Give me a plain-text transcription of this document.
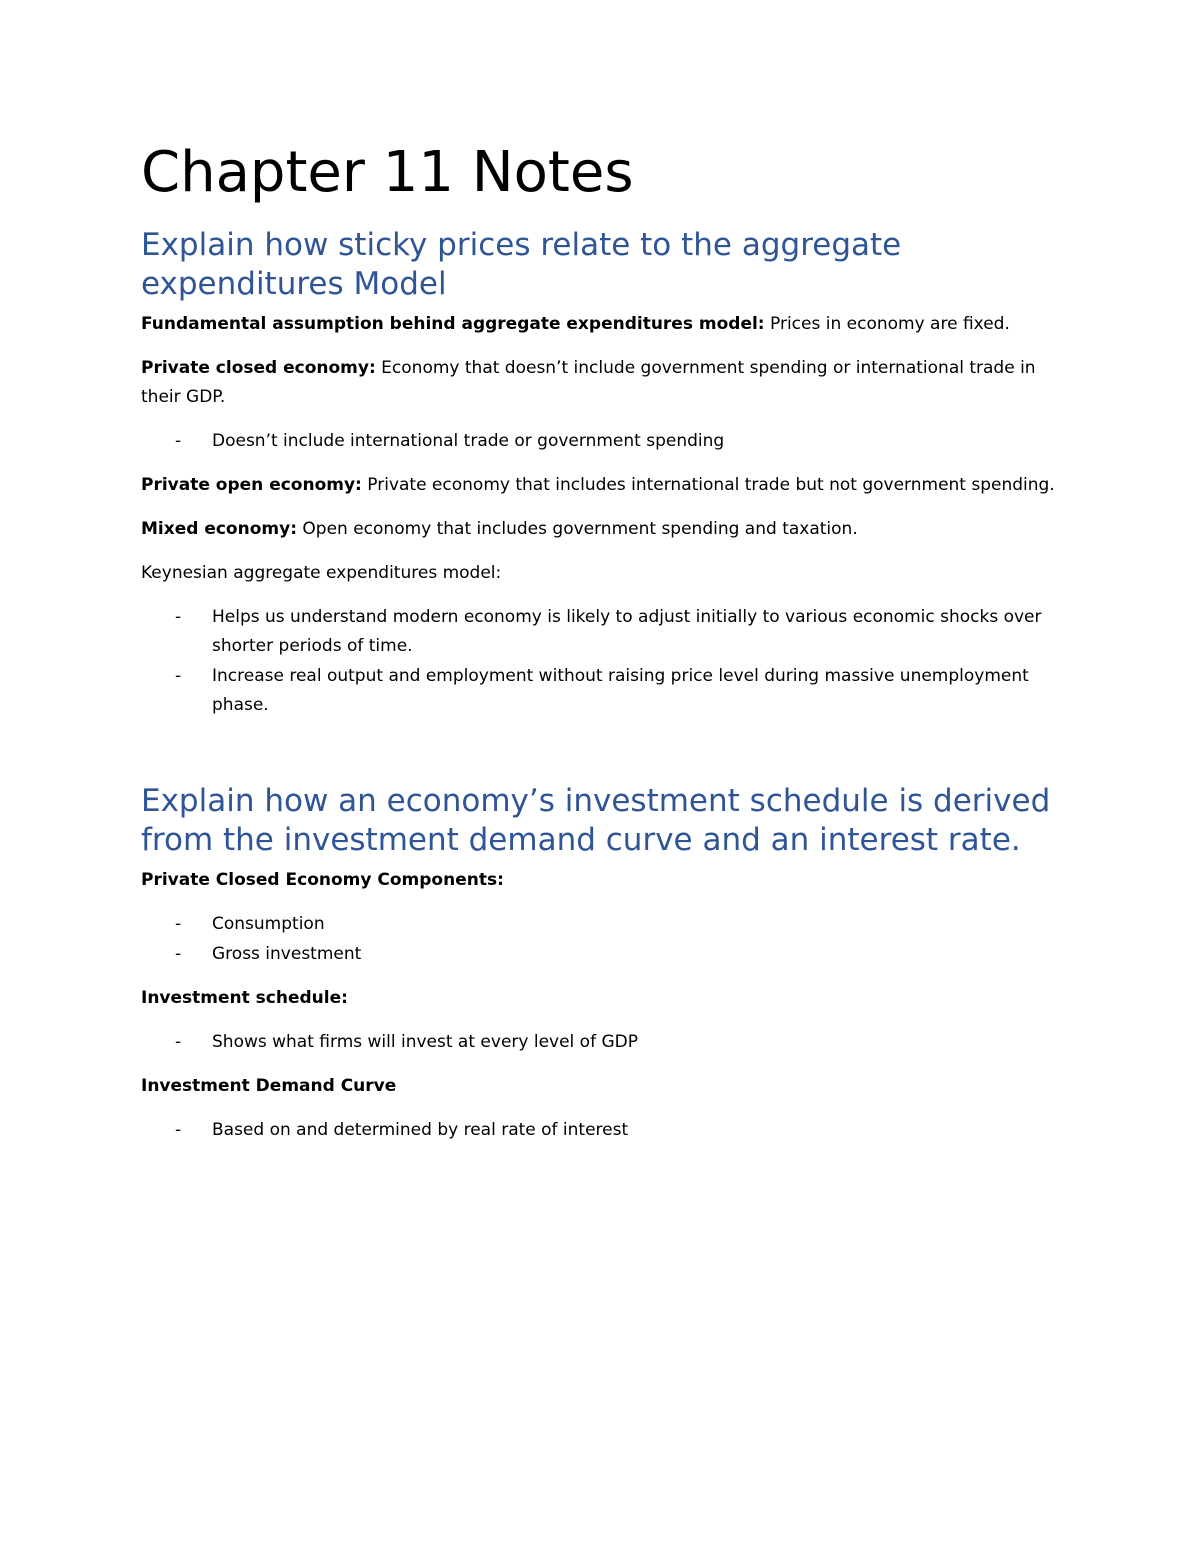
Chapter 11 Notes
Explain how sticky prices relate to the aggregate expenditures Model

Fundamental assumption behind aggregate expenditures model: Prices in economy are fixed.

Private closed economy: Economy that doesn’t include government spending or international trade in their GDP.

- Doesn’t include international trade or government spending

Private open economy: Private economy that includes international trade but not government spending.

Mixed economy: Open economy that includes government spending and taxation.

Keynesian aggregate expenditures model:

- Helps us understand modern economy is likely to adjust initially to various economic shocks over shorter periods of time.
- Increase real output and employment without raising price level during massive unemployment phase.
Explain how an economy’s investment schedule is derived from the investment demand curve and an interest rate.

Private Closed Economy Components:

- Consumption
- Gross investment

Investment schedule:

- Shows what firms will invest at every level of GDP

Investment Demand Curve

- Based on and determined by real rate of interest
